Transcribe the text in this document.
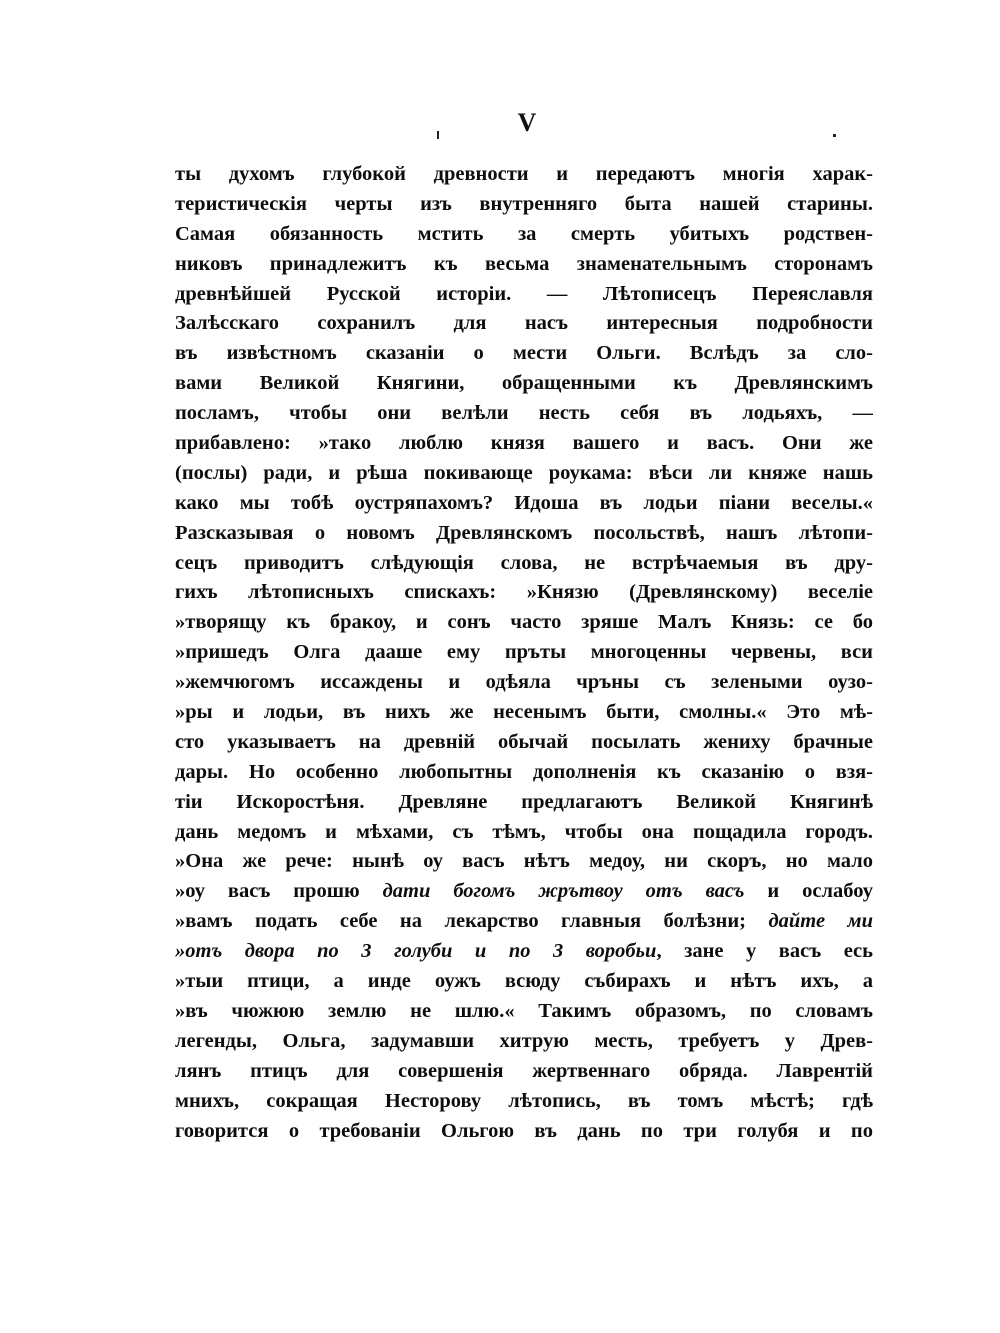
V
ты духомъ глубокой древности и передаютъ многія харак-
теристическія черты изъ внутренняго быта нашей старины.
Самая обязанность мстить за смерть убитыхъ родствен-
никовъ принадлежитъ къ весьма знаменательнымъ сторонамъ
древнѣйшей Русской исторіи. — Лѣтописецъ Переяславля
Залѣсскаго сохранилъ для насъ интересныя подробности
въ извѣстномъ сказаніи о мести Ольги. Вслѣдъ за сло-
вами Великой Княгини, обращенными къ Древлянскимъ
посламъ, чтобы они велѣли несть себя въ лодьяхъ, —
прибавлено: »тако люблю князя вашего и васъ. Они же
(послы) ради, и рѣша покивающе роукама: вѣси ли княже нашь
како мы тобѣ оустряпахомъ? Идоша въ лодьи піани веселы.«
Разсказывая о новомъ Древлянскомъ посольствѣ, нашъ лѣтопи-
сецъ приводитъ слѣдующія слова, не встрѣчаемыя въ дру-
гихъ лѣтописныхъ спискахъ: »Князю (Древлянскому) веселіе
»творящу къ бракоу, и сонъ часто зряше Малъ Князь: се бо
»пришедъ Олга дааше ему пръты многоценны червены, вси
»жемчюгомъ иссаждены и одѣяла чръны съ зелеными оузо-
»ры и лодьи, въ нихъ же несенымъ быти, смолны.« Это мѣ-
сто указываетъ на древній обычай посылать жениху брачные
дары. Но особенно любопытны дополненія къ сказанію о взя-
тіи Искоростѣня. Древляне предлагаютъ Великой Княгинѣ
дань медомъ и мѣхами, съ тѣмъ, чтобы она пощадила городъ.
»Она же рече: нынѣ оу васъ нѣтъ медоу, ни скоръ, но мало
»оу васъ прошю дати богомъ жрътвоу отъ васъ и ослабоу
»вамъ подать себе на лекарство главныя болѣзни; дайте ми
»отъ двора по 3 голуби и по 3 воробьи, зане у васъ есь
»тыи птици, а инде оужъ всюду събирахъ и нѣтъ ихъ, а
»въ чюжюю землю не шлю.« Такимъ образомъ, по словамъ
легенды, Ольга, задумавши хитрую месть, требуетъ у Древ-
лянъ птицъ для совершенія жертвеннаго обряда. Лаврентій
мнихъ, сокращая Несторову лѣтопись, въ томъ мѣстѣ; гдѣ
говорится о требованіи Ольгою въ дань по три голубя и по
